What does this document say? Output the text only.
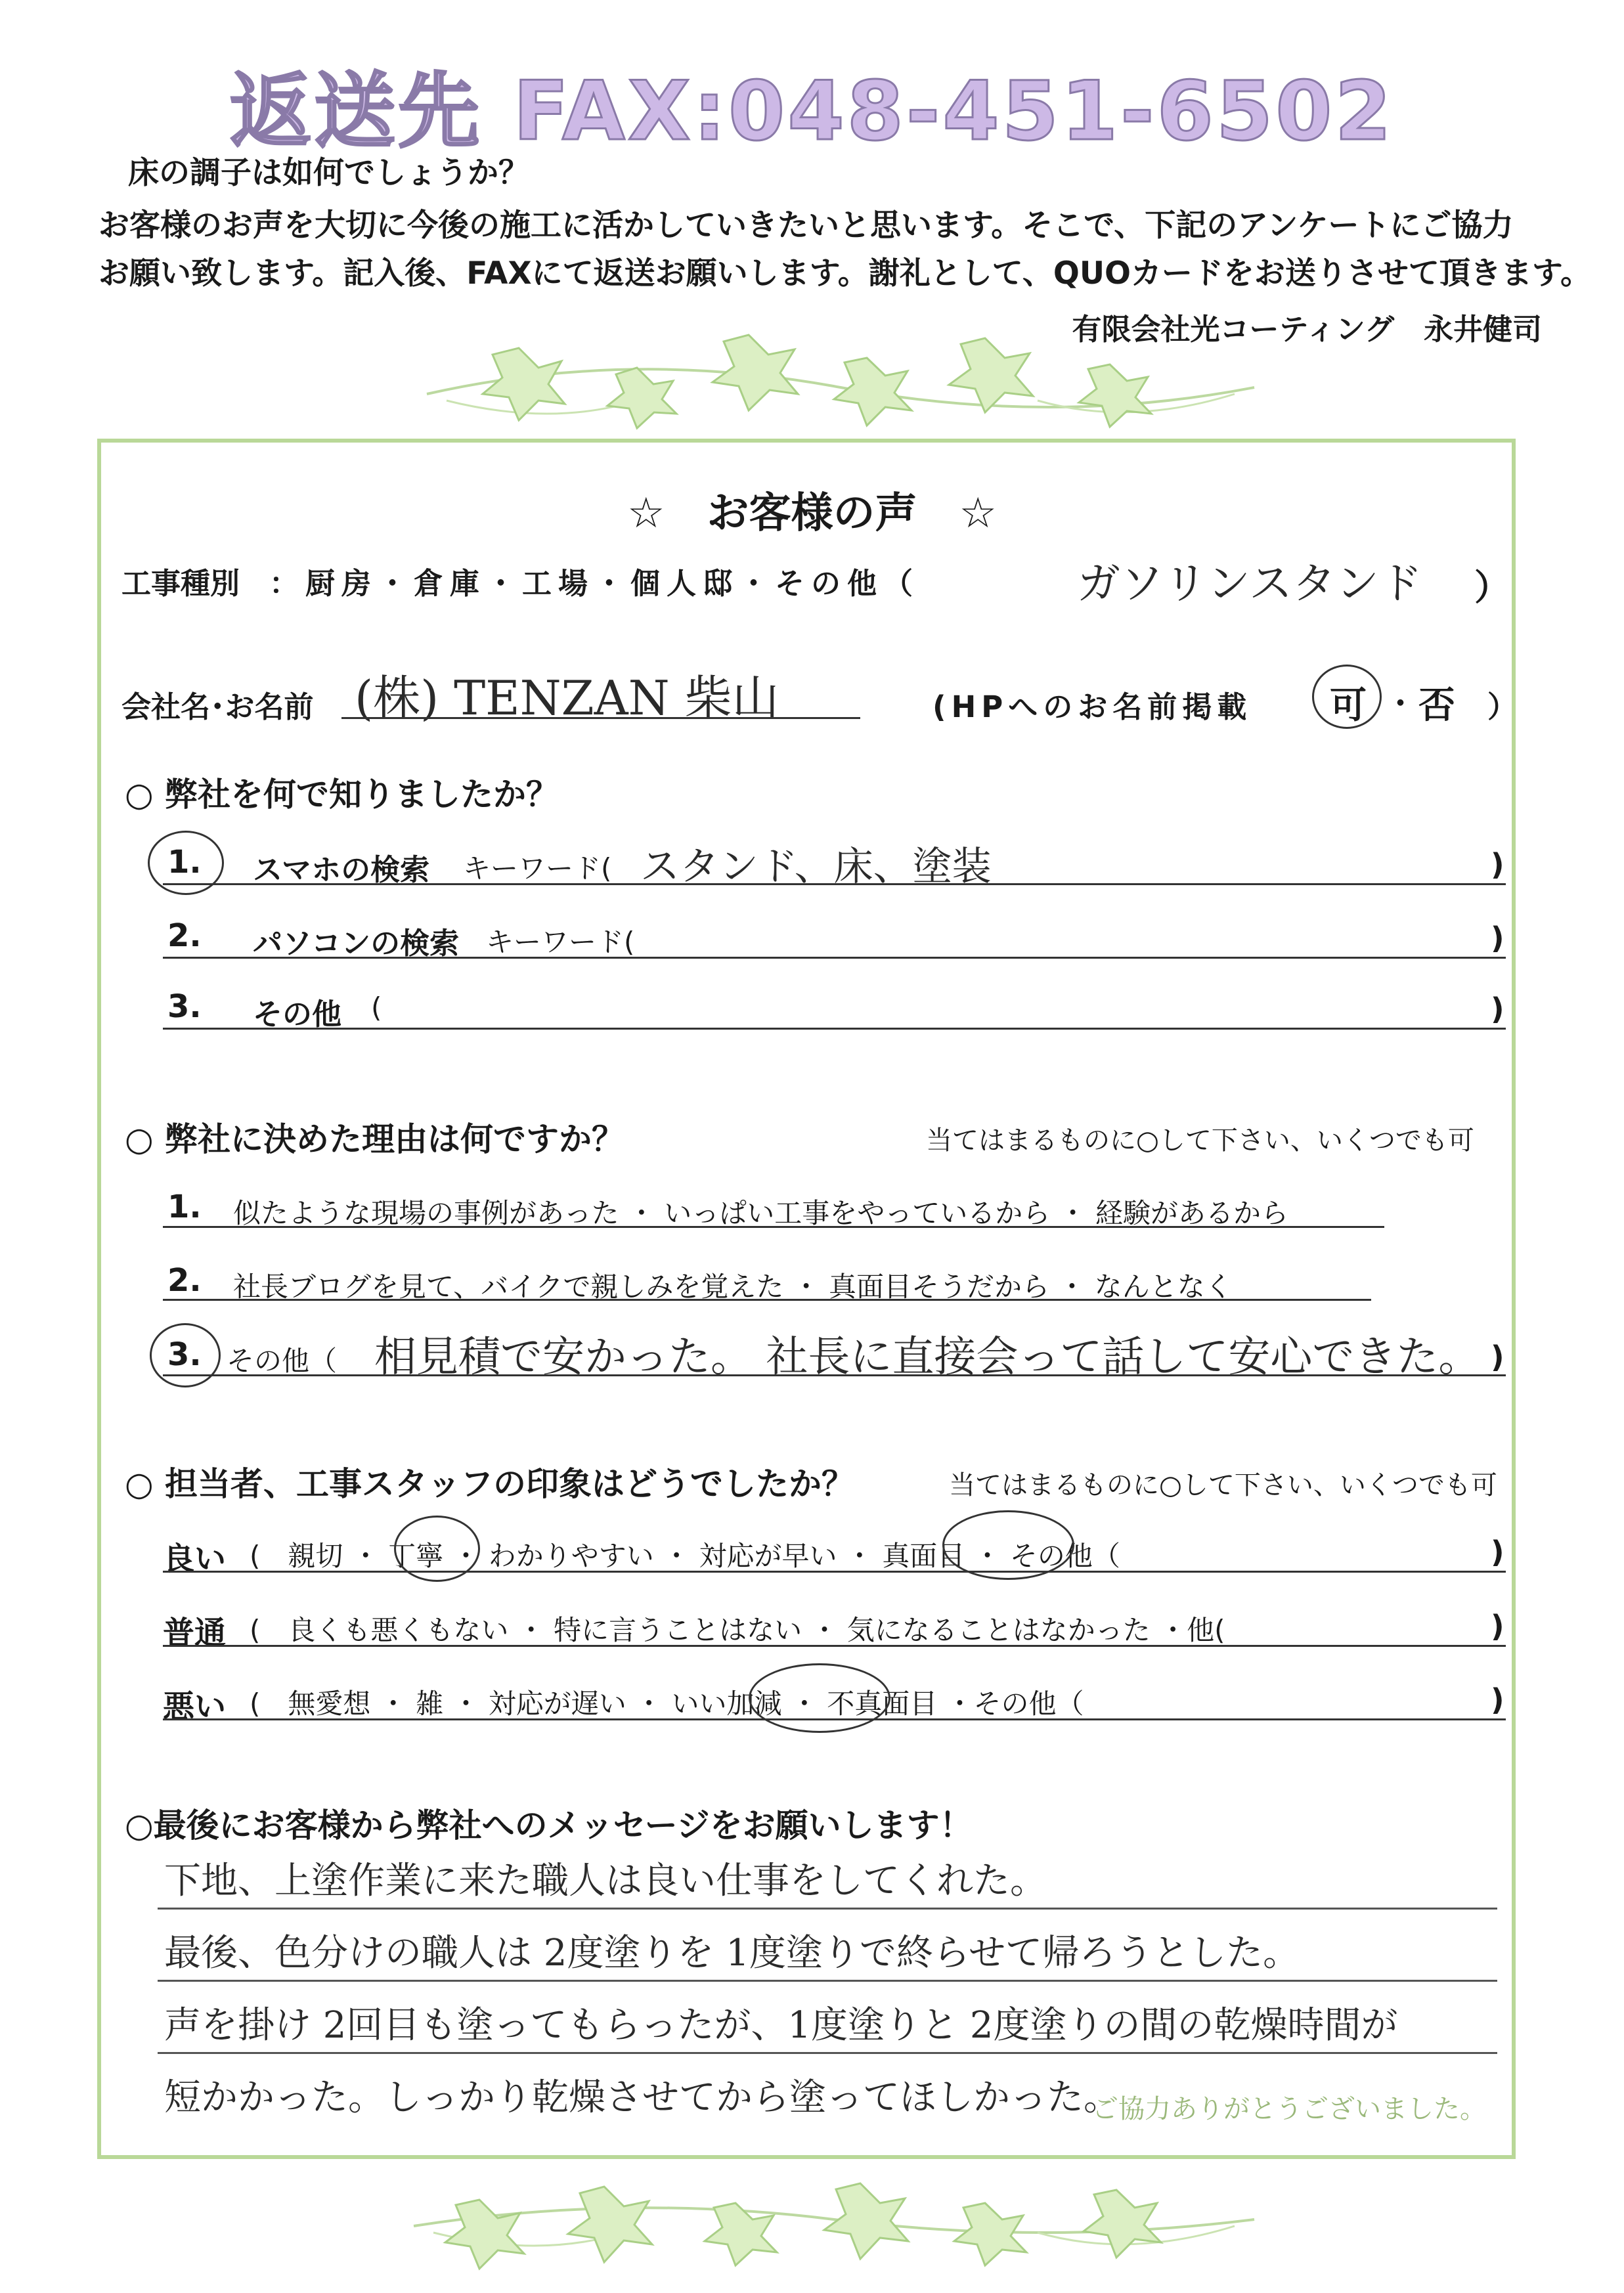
返送先 FAX:048-451-6502
床の調子は如何でしょうか？
お客様のお声を大切に今後の施工に活かしていきたいと思います。そこで、下記のアンケートにご協力
お願い致します。記入後、FAXにて返送お願いします。謝礼として、QUOカードをお送りさせて頂きます。
有限会社光コーティング　永井健司
☆　お客様の声　☆
工事種別 ：厨房・倉庫・工場・個人邸・その他（	ガソリンスタンド ）
会社名･お名前 (株) TENZAN 柴山	(HPへのお名前掲載 可 ・ 否 ）
○ 弊社を何で知りましたか？
1. スマホの検索 キーワード( スタンド、床、塗装	)
2. パソコンの検索 キーワード(	)
3. その他 (	)
○ 弊社に決めた理由は何ですか？	当てはまるものに○して下さい、いくつでも可
1. 似たような現場の事例があった ・ いっぱい工事をやっているから ・ 経験があるから
2. 社長ブログを見て、バイクで親しみを覚えた ・ 真面目そうだから ・ なんとなく
3. その他（ 相見積で安かった。 社長に直接会って話して安心できた。 )
○ 担当者、工事スタッフの印象はどうでしたか？	当てはまるものに○して下さい、いくつでも可
良い (　親切 ・ 丁寧 ・ わかりやすい ・ 対応が早い ・ 真面目 ・ その他（	)
普通 (　良くも悪くもない ・ 特に言うことはない ・ 気になることはなかった ・他(	)
悪い (　無愛想 ・ 雑 ・ 対応が遅い ・ いい加減 ・ 不真面目 ・その他（	)
○最後にお客様から弊社へのメッセージをお願いします！
下地、上塗作業に来た職人は良い仕事をしてくれた。
最後、色分けの職人は 2度塗りを 1度塗りで終らせて帰ろうとした。
声を掛け 2回目も塗ってもらったが、1度塗りと 2度塗りの間の乾燥時間が
短かかった。しっかり乾燥させてから塗ってほしかった。
ご協力ありがとうございました。
